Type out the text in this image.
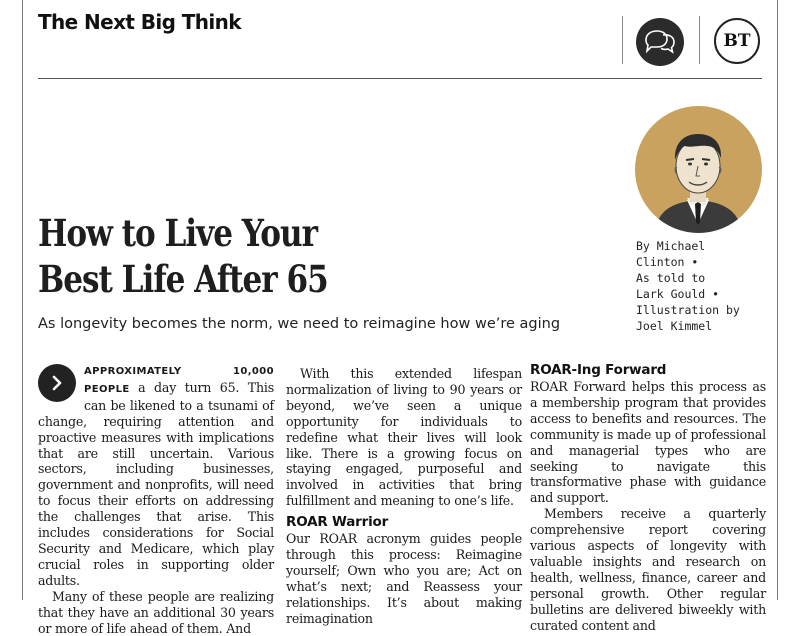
The Next Big Think
BT
By Michael
Clinton •
As told to
Lark Gould •
Illustration by
Joel Kimmel
How to Live Your
Best Life After 65

As longevity becomes the norm, we need to reimagine how we’re aging

APPROXIMATELY 10,000 PEOPLE a day turn 65. This can be likened to a tsunami of change, requiring attention and proactive measures with implications that are still uncertain. Various sectors, including businesses, government and nonprofits, will need to focus their efforts on addressing the challenges that arise. This includes considerations for Social Security and Medicare, which play crucial roles in supporting older adults.

Many of these people are realizing that they have an additional 30 years or more of life ahead of them. And

With this extended lifespan normalization of living to 90 years or beyond, we’ve seen a unique opportunity for individuals to redefine what their lives will look like. There is a growing focus on staying engaged, purposeful and involved in activities that bring fulfillment and meaning to one’s life.

ROAR Warrior

Our ROAR acronym guides people through this process: Reimagine yourself; Own who you are; Act on what’s next; and Reassess your relationships. It’s about making reimagination

ROAR-Ing Forward

ROAR Forward helps this process as a membership program that provides access to benefits and resources. The community is made up of professional and managerial types who are seeking to navigate this transformative phase with guidance and support.

Members receive a quarterly comprehensive report covering various aspects of longevity with valuable insights and research on health, wellness, finance, career and personal growth. Other regular bulletins are delivered biweekly with curated content and
